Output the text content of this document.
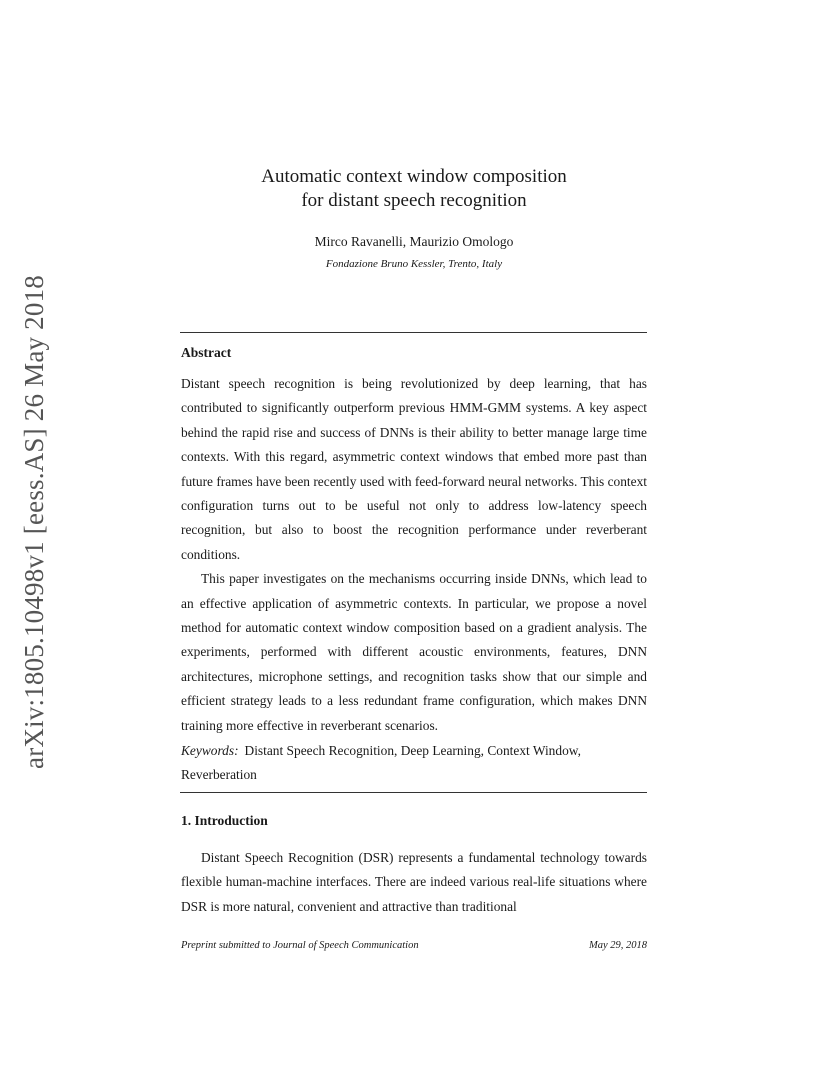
arXiv:1805.10498v1 [eess.AS] 26 May 2018
Automatic context window composition
for distant speech recognition
Mirco Ravanelli, Maurizio Omologo
Fondazione Bruno Kessler, Trento, Italy
Abstract

Distant speech recognition is being revolutionized by deep learning, that has contributed to significantly outperform previous HMM-GMM systems. A key aspect behind the rapid rise and success of DNNs is their ability to better manage large time contexts. With this regard, asymmetric context windows that embed more past than future frames have been recently used with feed-forward neural networks. This context configuration turns out to be useful not only to address low-latency speech recognition, but also to boost the recognition performance under reverberant conditions.

This paper investigates on the mechanisms occurring inside DNNs, which lead to an effective application of asymmetric contexts. In particular, we propose a novel method for automatic context window composition based on a gradient analysis. The experiments, performed with different acoustic environments, features, DNN architectures, microphone settings, and recognition tasks show that our simple and efficient strategy leads to a less redundant frame configuration, which makes DNN training more effective in reverberant scenarios.

Keywords: Distant Speech Recognition, Deep Learning, Context Window, Reverberation
1. Introduction
Distant Speech Recognition (DSR) represents a fundamental technology towards flexible human-machine interfaces. There are indeed various real-life situations where DSR is more natural, convenient and attractive than traditional
Preprint submitted to Journal of Speech Communication	May 29, 2018
